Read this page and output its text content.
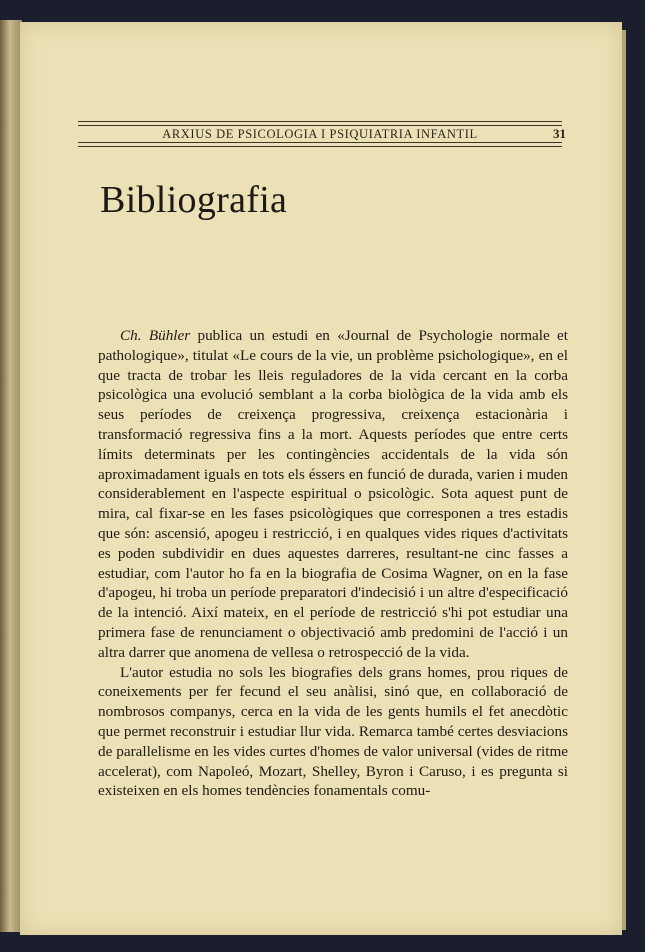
ARXIUS DE PSICOLOGIA I PSIQUIATRIA INFANTIL	31
Bibliografia

Ch. Bühler publica un estudi en «Journal de Psychologie normale et pathologique», titulat «Le cours de la vie, un problème psichologique», en el que tracta de trobar les lleis reguladores de la vida cercant en la corba psicològica una evolució semblant a la corba biològica de la vida amb els seus períodes de creixença progressiva, creixença estacionària i transformació regressiva fins a la mort. Aquests períodes que entre certs límits determinats per les contingències accidentals de la vida són aproximadament iguals en tots els éssers en funció de durada, varien i muden considerablement en l'aspecte espiritual o psicològic. Sota aquest punt de mira, cal fixar-se en les fases psicològiques que corresponen a tres estadis que són: ascensió, apogeu i restricció, i en qualques vides riques d'activitats es poden subdividir en dues aquestes darreres, resultant-ne cinc fasses a estudiar, com l'autor ho fa en la biografia de Cosima Wagner, on en la fase d'apogeu, hi troba un període preparatori d'indecisió i un altre d'especificació de la intenció. Així mateix, en el període de restricció s'hi pot estudiar una primera fase de renunciament o objectivació amb predomini de l'acció i un altra darrer que anomena de vellesa o retrospecció de la vida.

L'autor estudia no sols les biografies dels grans homes, prou riques de coneixements per fer fecund el seu anàlisi, sinó que, en collaboració de nombrosos companys, cerca en la vida de les gents humils el fet anecdòtic que permet reconstruir i estudiar llur vida. Remarca també certes desviacions de parallelisme en les vides curtes d'homes de valor universal (vides de ritme accelerat), com Napoleó, Mozart, Shelley, Byron i Caruso, i es pregunta si existeixen en els homes tendències fonamentals comu-
